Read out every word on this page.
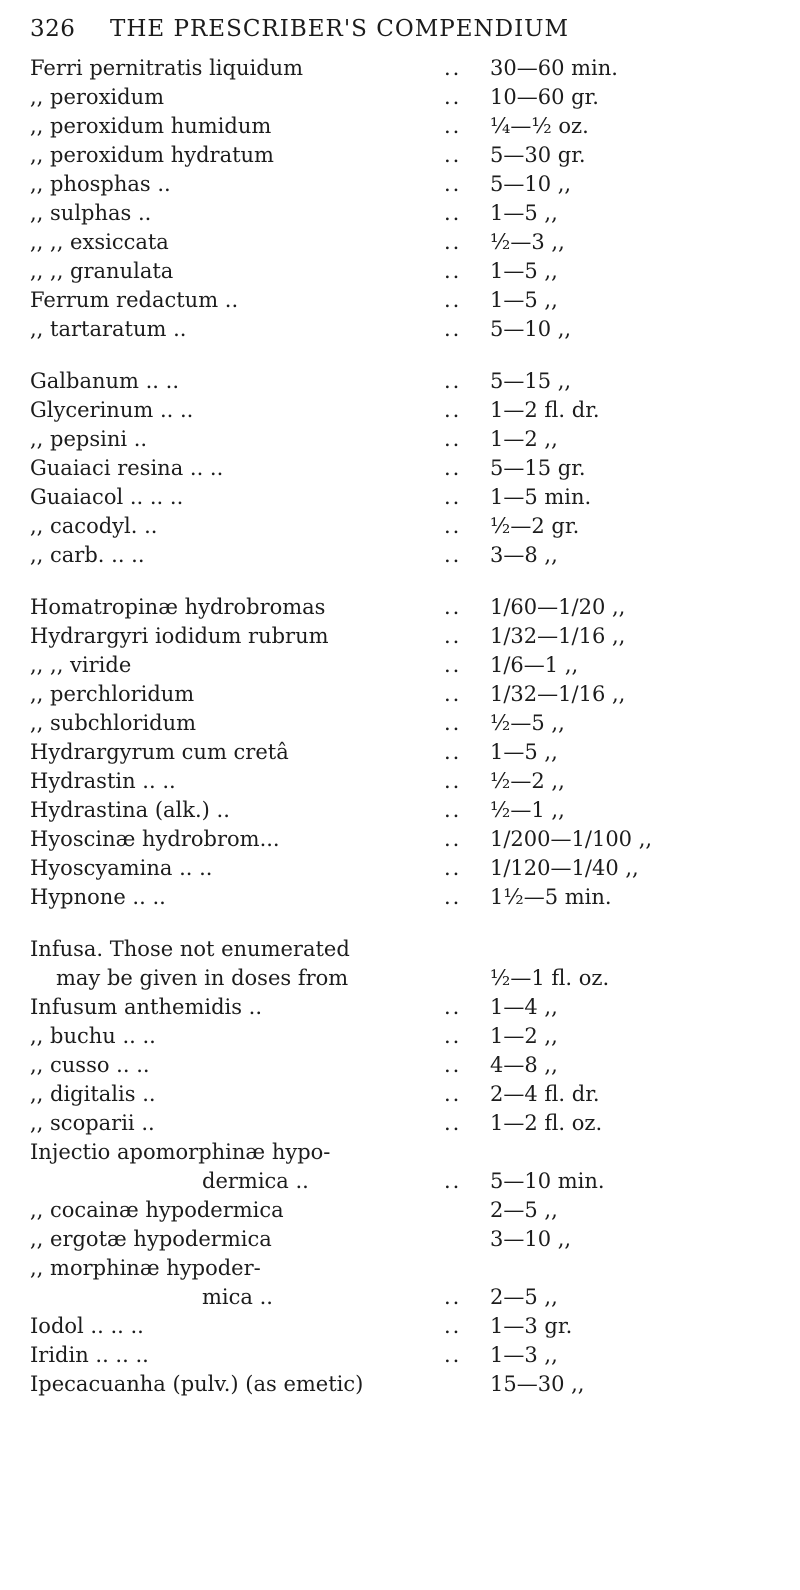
326 THE PRESCRIBER'S COMPENDIUM
Ferri pernitratis liquidum	.. 30—60 min.
,, peroxidum	.. 10—60 gr.
,, peroxidum humidum	.. ¼—½ oz.
,, peroxidum hydratum	.. 5—30 gr.
,, phosphas ..	.. 5—10 ,,
,, sulphas ..	.. 1—5 ,,
,, ,, exsiccata	.. ½—3 ,,
,, ,, granulata	.. 1—5 ,,
Ferrum redactum ..	.. 1—5 ,,
,, tartaratum ..	.. 5—10 ,,
Galbanum .. ..	.. 5—15 ,,
Glycerinum .. ..	.. 1—2 fl. dr.
,, pepsini ..	.. 1—2 ,,
Guaiaci resina .. ..	.. 5—15 gr.
Guaiacol .. .. ..	.. 1—5 min.
,, cacodyl. ..	.. ½—2 gr.
,, carb. .. ..	.. 3—8 ,,
Homatropinæ hydrobromas	.. 1/60—1/20 ,,
Hydrargyri iodidum rubrum	.. 1/32—1/16 ,,
,, ,, viride	.. 1/6—1 ,,
,, perchloridum	.. 1/32—1/16 ,,
,, subchloridum	.. ½—5 ,,
Hydrargyrum cum cretâ	.. 1—5 ,,
Hydrastin .. ..	.. ½—2 ,,
Hydrastina (alk.) ..	.. ½—1 ,,
Hyoscinæ hydrobrom...	.. 1/200—1/100 ,,
Hyoscyamina .. ..	.. 1/120—1/40 ,,
Hypnone .. ..	.. 1½—5 min.
Infusa. Those not enumerated
may be given in doses from	½—1 fl. oz.
Infusum anthemidis ..	.. 1—4 ,,
,, buchu .. ..	.. 1—2 ,,
,, cusso .. ..	.. 4—8 ,,
,, digitalis ..	.. 2—4 fl. dr.
,, scoparii ..	.. 1—2 fl. oz.
Injectio apomorphinæ hypo-
dermica ..	.. 5—10 min.
,, cocainæ hypodermica	2—5 ,,
,, ergotæ hypodermica	3—10 ,,
,, morphinæ hypoder-
mica ..	.. 2—5 ,,
Iodol .. .. ..	.. 1—3 gr.
Iridin .. .. ..	.. 1—3 ,,
Ipecacuanha (pulv.) (as emetic)	15—30 ,,
